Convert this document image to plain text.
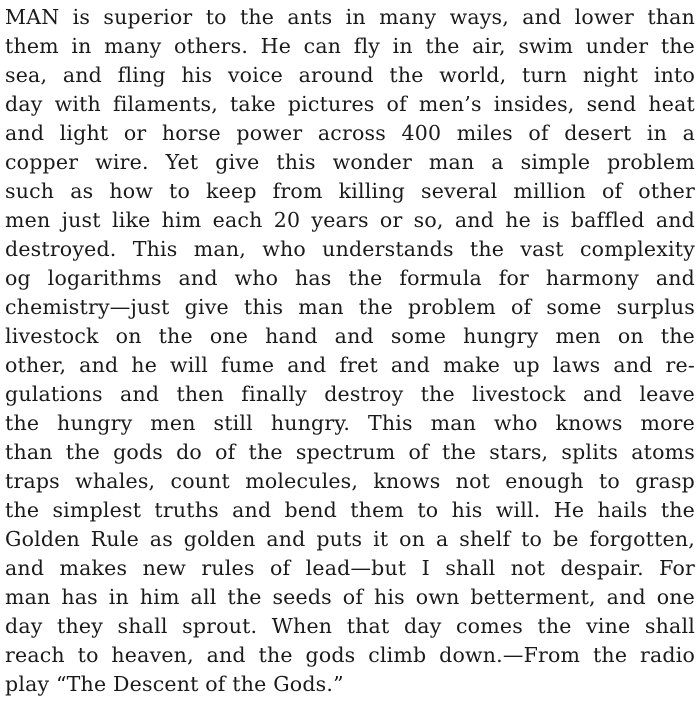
MAN is superior to the ants in many ways, and lower than
them in many others. He can fly in the air, swim under the
sea, and fling his voice around the world, turn night into
day with filaments, take pictures of men’s insides, send heat
and light or horse power across 400 miles of desert in a
copper wire. Yet give this wonder man a simple problem
such as how to keep from killing several million of other
men just like him each 20 years or so, and he is baffled and
destroyed. This man, who understands the vast complexity
og logarithms and who has the formula for harmony and
chemistry—just give this man the problem of some surplus
livestock on the one hand and some hungry men on the
other, and he will fume and fret and make up laws and re-
gulations and then finally destroy the livestock and leave
the hungry men still hungry. This man who knows more
than the gods do of the spectrum of the stars, splits atoms
traps whales, count molecules, knows not enough to grasp
the simplest truths and bend them to his will. He hails the
Golden Rule as golden and puts it on a shelf to be forgotten,
and makes new rules of lead—but I shall not despair. For
man has in him all the seeds of his own betterment, and one
day they shall sprout. When that day comes the vine shall
reach to heaven, and the gods climb down.—From the radio
play “The Descent of the Gods.”
